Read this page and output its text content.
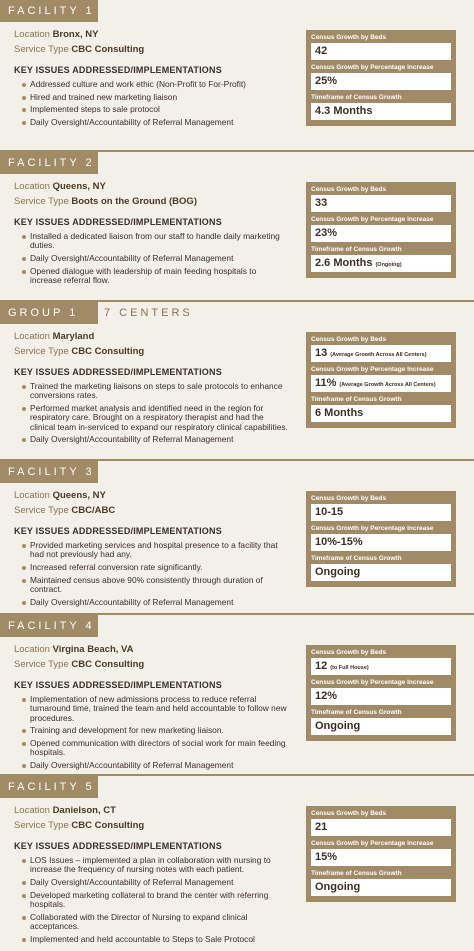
FACILITY 1
Location Bronx, NY
Service Type CBC Consulting
KEY ISSUES ADDRESSED/IMPLEMENTATIONS
Addressed culture and work ethic (Non-Profit to For-Profit)
Hired and trained new marketing liaison
Implemented steps to sale protocol
Daily Oversight/Accountability of Referral Management
Census Growth by Beds
42
Census Growth by Percentage Increase
25%
Timeframe of Census Growth
4.3 Months
FACILITY 2
Location Queens, NY
Service Type Boots on the Ground (BOG)
KEY ISSUES ADDRESSED/IMPLEMENTATIONS
Installed a dedicated liaison from our staff to handle daily marketing duties.
Daily Oversight/Accountability of Referral Management
Opened dialogue with leadership of main feeding hospitals to increase referral flow.
Census Growth by Beds
33
Census Growth by Percentage Increase
23%
Timeframe of Census Growth
2.6 Months (Ongoing)
GROUP 1	7 CENTERS
Location Maryland
Service Type CBC Consulting
KEY ISSUES ADDRESSED/IMPLEMENTATIONS
Trained the marketing liaisons on steps to sale protocols to enhance conversions rates.
Performed market analysis and identified need in the region for respiratory care. Brought on a respiratory therapist and had the clinical team in-serviced to expand our respiratory clinical capabilities.
Daily Oversight/Accountability of Referral Management
Census Growth by Beds
13 (Average Growth Across All Centers)
Census Growth by Percentage Increase
11% (Average Growth Across All Centers)
Timeframe of Census Growth
6 Months
FACILITY 3
Location Queens, NY
Service Type CBC/ABC
KEY ISSUES ADDRESSED/IMPLEMENTATIONS
Provided marketing services and hospital presence to a facility that had not previously had any.
Increased referral conversion rate significantly.
Maintained census above 90% consistently through duration of contract.
Daily Oversight/Accountability of Referral Management
Census Growth by Beds
10-15
Census Growth by Percentage Increase
10%-15%
Timeframe of Census Growth
Ongoing
FACILITY 4
Location Virgina Beach, VA
Service Type CBC Consulting
KEY ISSUES ADDRESSED/IMPLEMENTATIONS
Implementation of new admissions process to reduce referral turnaround time, trained the team and held accountable to follow new procedures.
Training and development for new marketing liaison.
Opened communication with directors of social work for main feeding hospitals.
Daily Oversight/Accountability of Referral Management
Census Growth by Beds
12 (to Full House)
Census Growth by Percentage Increase
12%
Timeframe of Census Growth
Ongoing
FACILITY 5
Location Danielson, CT
Service Type CBC Consulting
KEY ISSUES ADDRESSED/IMPLEMENTATIONS
LOS Issues – implemented a plan in collaboration with nursing to increase the frequency of nursing notes with each patient.
Daily Oversight/Accountability of Referral Management
Developed marketing collateral to brand the center with referring hospitals.
Collaborated with the Director of Nursing to expand clinical acceptances.
Implemented and held accountable to Steps to Sale Protocol
Census Growth by Beds
21
Census Growth by Percentage Increase
15%
Timeframe of Census Growth
Ongoing
